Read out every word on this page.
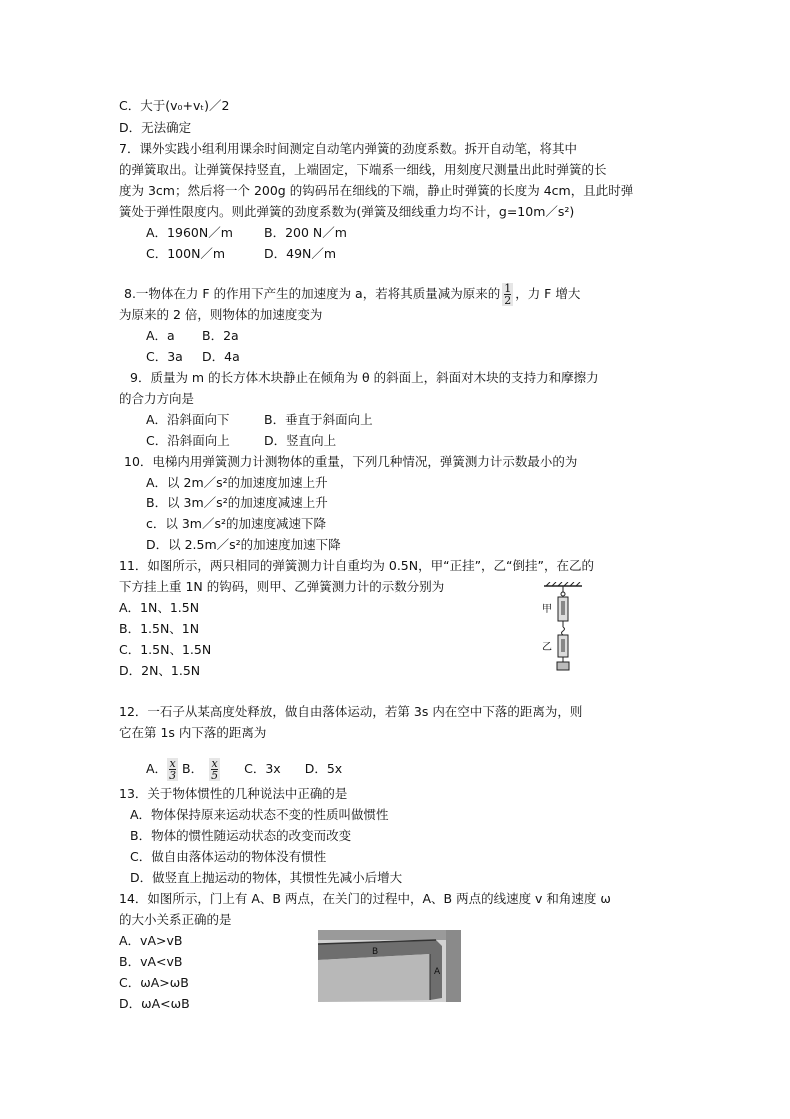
C．大于(v₀+vₜ)／2
D．无法确定
7．课外实践小组利用课余时间测定自动笔内弹簧的劲度系数。拆开自动笔，将其中
的弹簧取出。让弹簧保持竖直，上端固定，下端系一细线，用刻度尺测量出此时弹簧的长
度为 3cm；然后将一个 200g 的钩码吊在细线的下端，静止时弹簧的长度为 4cm，且此时弹
簧处于弹性限度内。则此弹簧的劲度系数为(弹簧及细线重力均不计，g=10m／s²)
A．1960N／m B．200 N／m
C．100N／m	D．49N／m
8.一物体在力 F 的作用下产生的加速度为 a，若将其质量减为原来的 $\frac{1}{2}$ ，力 F 增大
为原来的 2 倍，则物体的加速度变为
A．a B．2a
C．3a D．4a
9．质量为 m 的长方体木块静止在倾角为 θ 的斜面上，斜面对木块的支持力和摩擦力
的合力方向是
A．沿斜面向下	B．垂直于斜面向上
C．沿斜面向上	D．竖直向上
10．电梯内用弹簧测力计测物体的重量，下列几种情况，弹簧测力计示数最小的为
A．以 2m／s²的加速度加速上升
B．以 3m／s²的加速度减速上升
c．以 3m／s²的加速度减速下降
D．以 2.5m／s²的加速度加速下降
11．如图所示，两只相同的弹簧测力计自重均为 0.5N，甲“正挂”，乙“倒挂”，在乙的
下方挂上重 1N 的钩码，则甲、乙弹簧测力计的示数分别为
A．1N、1.5N
B．1.5N、1N
C．1.5N、1.5N
D．2N、1.5N
甲
乙
12．一石子从某高度处释放，做自由落体运动，若第 3s 内在空中下落的距离为，则
它在第 1s 内下落的距离为
A． $\frac{x}{3}$ B． $\frac{x}{5}$ C．3x D．5x
13．关于物体惯性的几种说法中正确的是
A．物体保持原来运动状态不变的性质叫做惯性
B．物体的惯性随运动状态的改变而改变
C．做自由落体运动的物体没有惯性
D．做竖直上抛运动的物体，其惯性先减小后增大
14．如图所示，门上有 A、B 两点，在关门的过程中，A、B 两点的线速度 v 和角速度 ω
的大小关系正确的是
A．vA>vB
B．vA<vB
C．ωA>ωB
D．ωA<ωB
A
B
